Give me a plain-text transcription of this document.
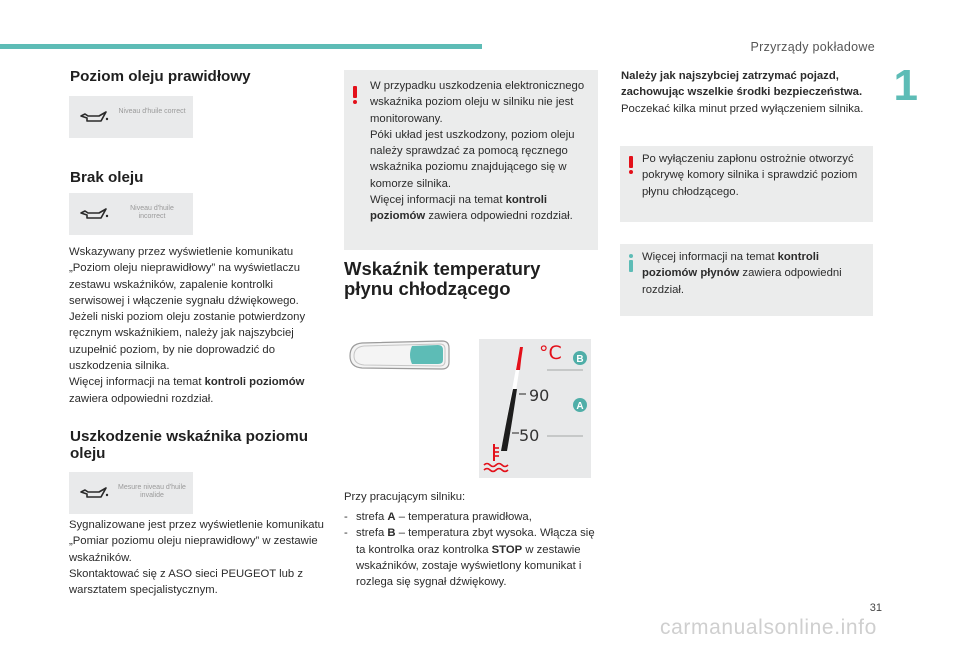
Przyrządy pokładowe
1
Poziom oleju prawidłowy
Niveau d'huile correct
Brak oleju
Niveau d'huile incorrect
Wskazywany przez wyświetlenie komunikatu „Poziom oleju nieprawidłowy” na wyświetlaczu zestawu wskaźników, zapalenie kontrolki serwisowej i włączenie sygnału dźwiękowego.
Jeżeli niski poziom oleju zostanie potwierdzony ręcznym wskaźnikiem, należy jak najszybciej uzupełnić poziom, by nie doprowadzić do uszkodzenia silnika.
Więcej informacji na temat kontroli poziomów zawiera odpowiedni rozdział.
Uszkodzenie wskaźnika poziomu
oleju
Mesure niveau d'huile invalide
Sygnalizowane jest przez wyświetlenie komunikatu „Pomiar poziomu oleju nieprawidłowy” w zestawie wskaźników.
Skontaktować się z ASO sieci PEUGEOT lub z warsztatem specjalistycznym.
W przypadku uszkodzenia elektronicznego wskaźnika poziom oleju w silniku nie jest monitorowany.
Póki układ jest uszkodzony, poziom oleju należy sprawdzać za pomocą ręcznego wskaźnika poziomu znajdującego się w komorze silnika.
Więcej informacji na temat kontroli poziomów zawiera odpowiedni rozdział.
Wskaźnik temperatury
płynu chłodzącego
°C
90
50
B
A
Przy pracującym silniku:
- strefa A – temperatura prawidłowa,
- strefa B – temperatura zbyt wysoka. Włącza się ta kontrolka oraz kontrolka STOP w zestawie wskaźników, zostaje wyświetlony komunikat i rozlega się sygnał dźwiękowy.
Należy jak najszybciej zatrzymać pojazd, zachowując wszelkie środki bezpieczeństwa.
Poczekać kilka minut przed wyłączeniem silnika.
Po wyłączeniu zapłonu ostrożnie otworzyć pokrywę komory silnika i sprawdzić poziom płynu chłodzącego.
Więcej informacji na temat kontroli poziomów płynów zawiera odpowiedni rozdział.
31
carmanualsonline.info
